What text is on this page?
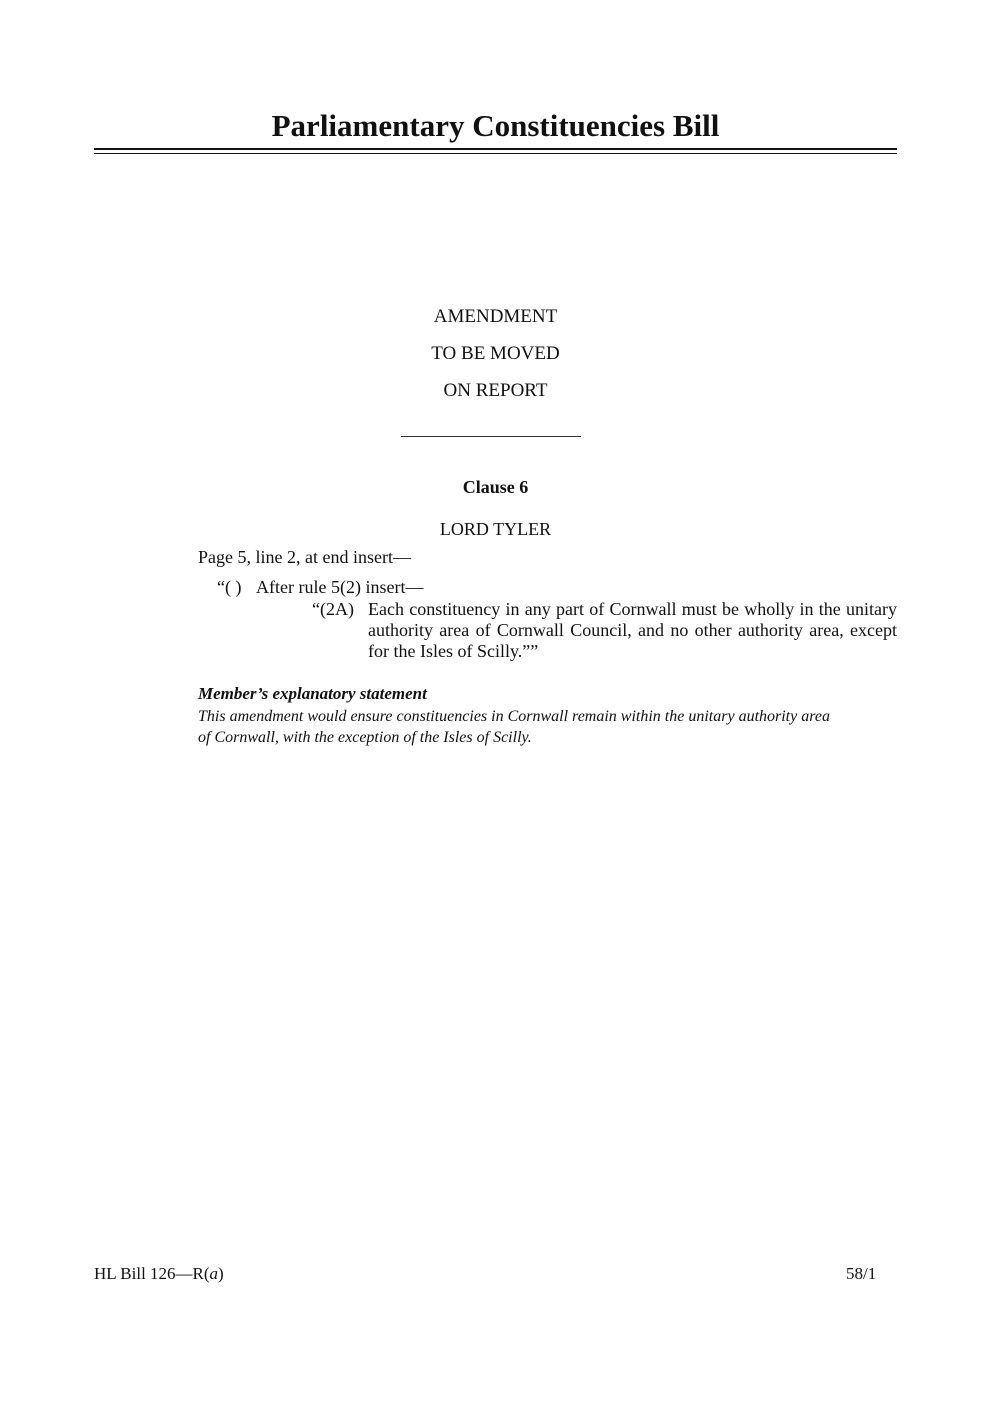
Parliamentary Constituencies Bill
AMENDMENT
TO BE MOVED
ON REPORT
Clause 6
LORD TYLER
Page 5, line 2, at end insert—
“( ) After rule 5(2) insert—
“(2A) Each constituency in any part of Cornwall must be wholly in the unitary authority area of Cornwall Council, and no other authority area, except for the Isles of Scilly.””
Member’s explanatory statement
This amendment would ensure constituencies in Cornwall remain within the unitary authority area of Cornwall, with the exception of the Isles of Scilly.
HL Bill 126—R(a)	58/1
